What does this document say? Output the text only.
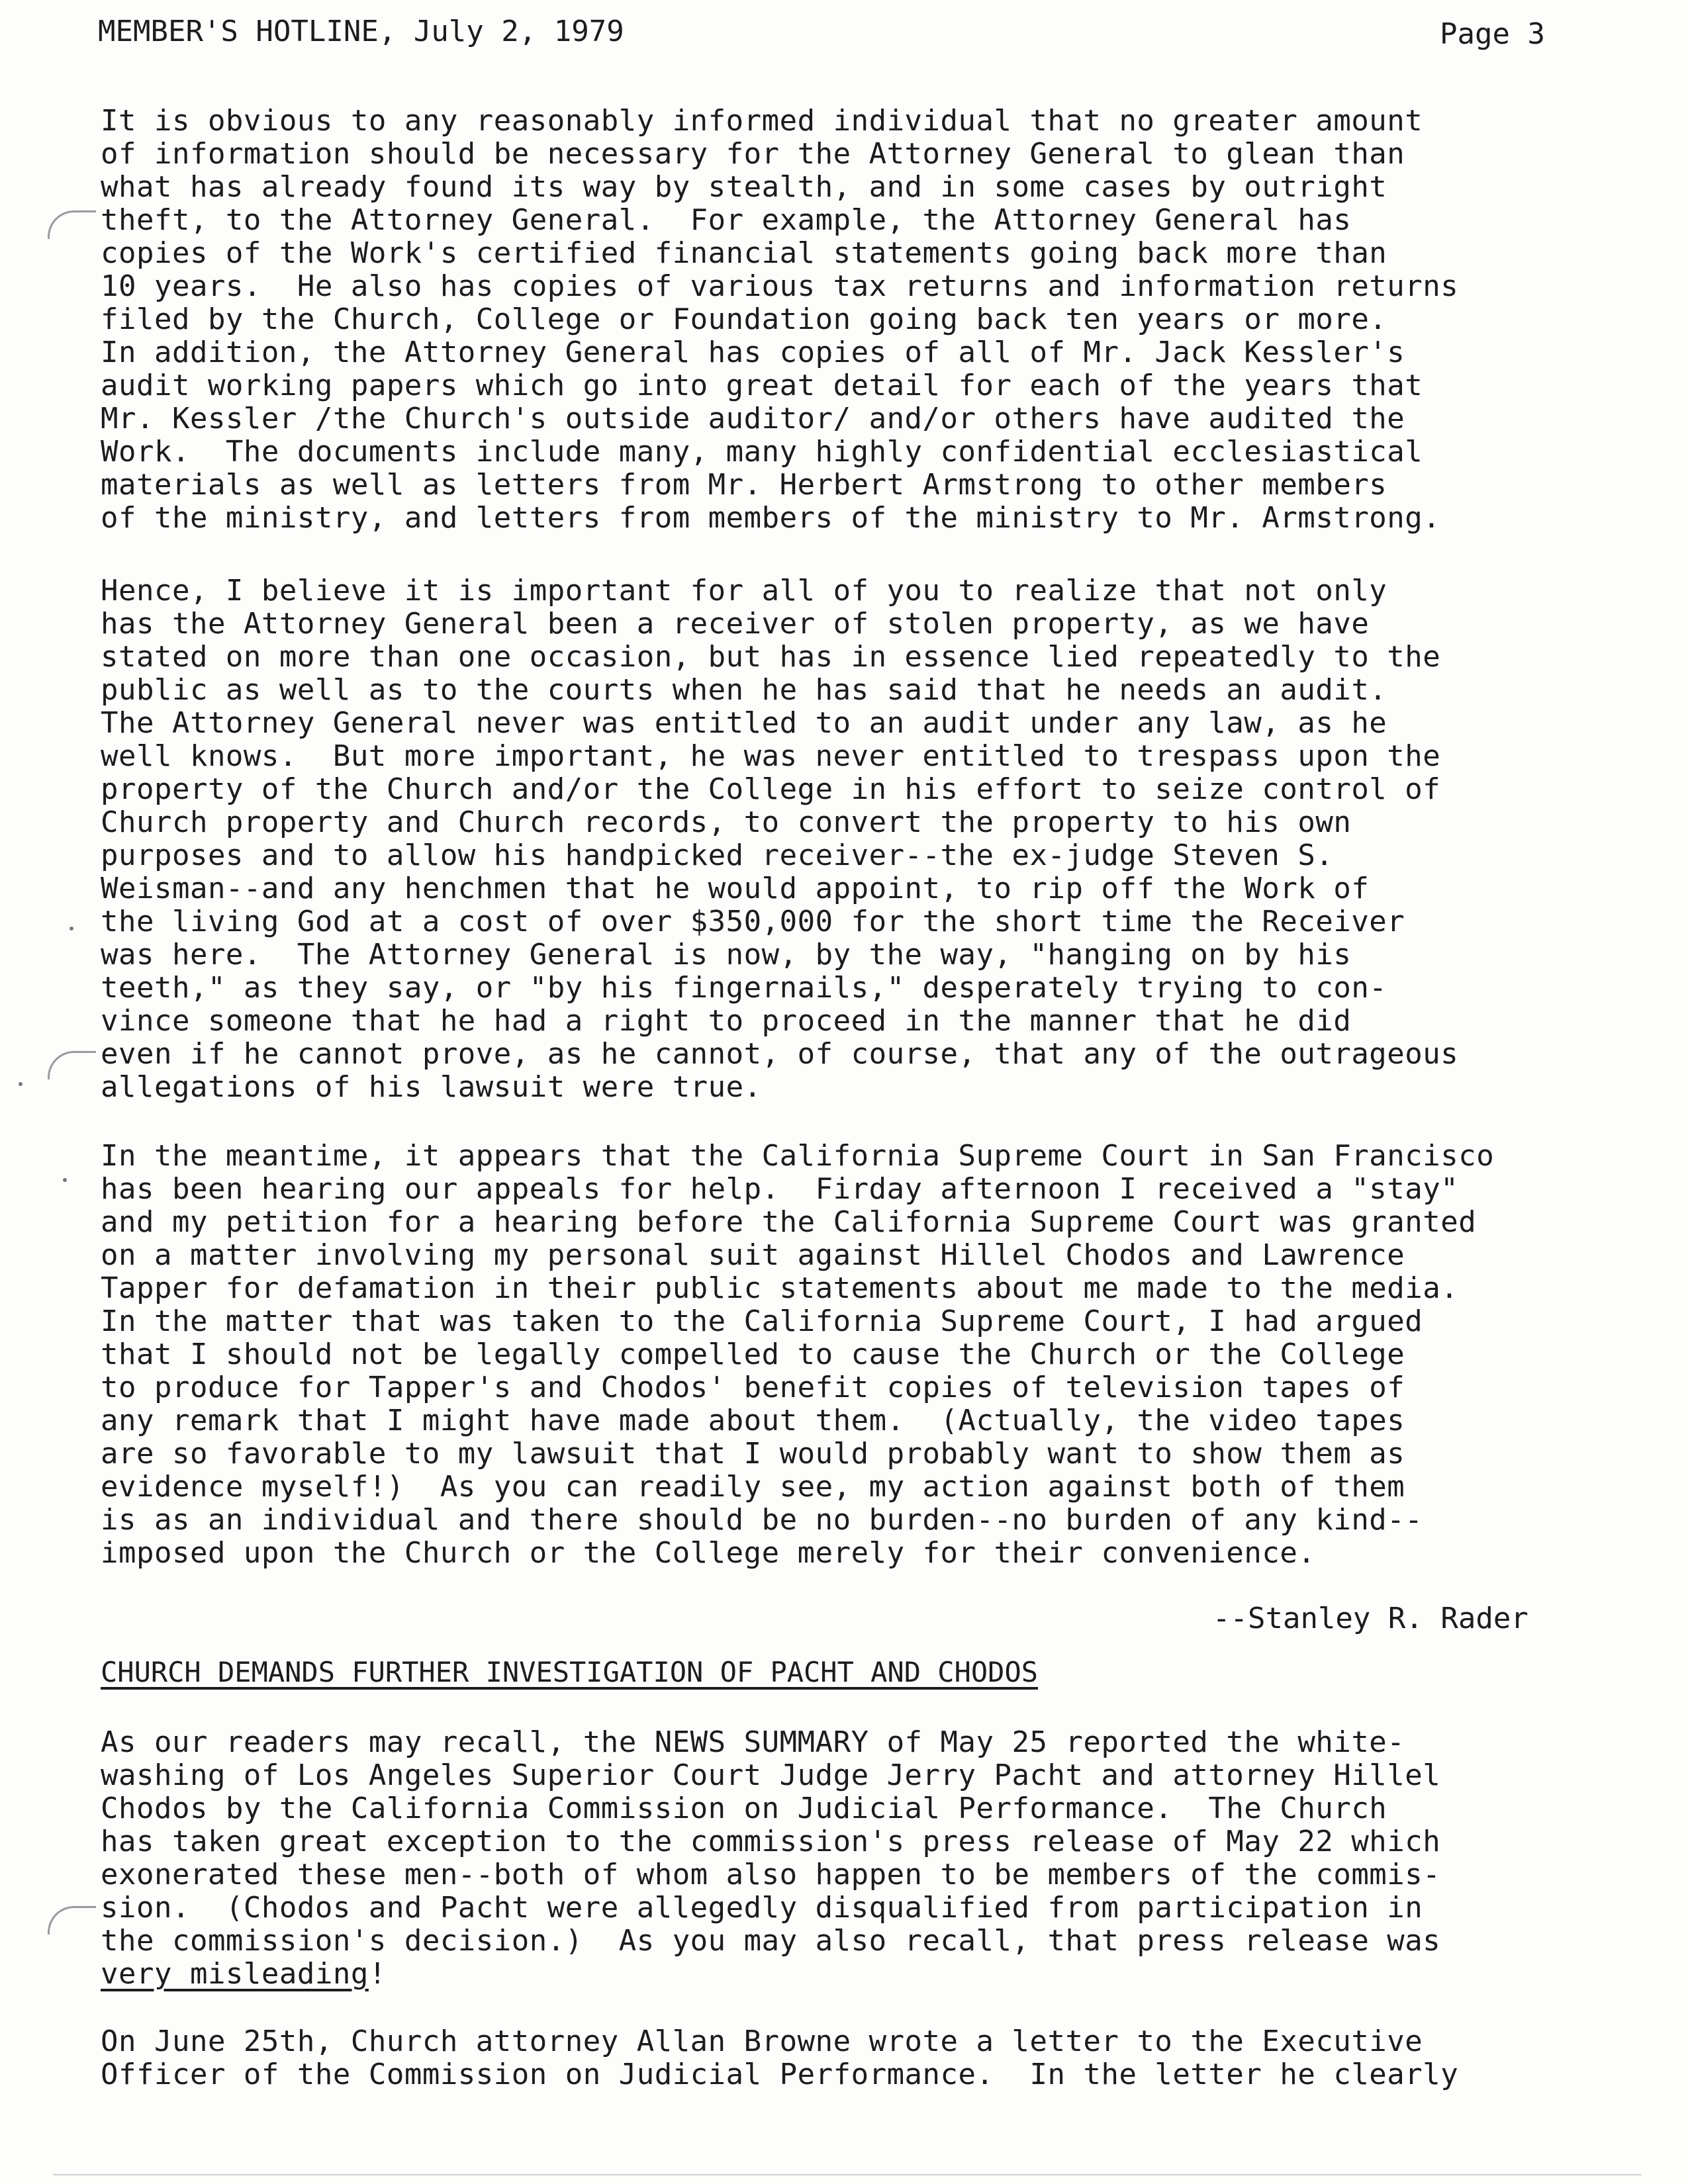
MEMBER'S HOTLINE, July 2, 1979	Page 3
It is obvious to any reasonably informed individual that no greater amount
of information should be necessary for the Attorney General to glean than
what has already found its way by stealth, and in some cases by outright
theft, to the Attorney General.  For example, the Attorney General has
copies of the Work's certified financial statements going back more than
10 years.  He also has copies of various tax returns and information returns
filed by the Church, College or Foundation going back ten years or more.
In addition, the Attorney General has copies of all of Mr. Jack Kessler's
audit working papers which go into great detail for each of the years that
Mr. Kessler /the Church's outside auditor/ and/or others have audited the
Work.  The documents include many, many highly confidential ecclesiastical
materials as well as letters from Mr. Herbert Armstrong to other members
of the ministry, and letters from members of the ministry to Mr. Armstrong.
Hence, I believe it is important for all of you to realize that not only
has the Attorney General been a receiver of stolen property, as we have
stated on more than one occasion, but has in essence lied repeatedly to the
public as well as to the courts when he has said that he needs an audit.
The Attorney General never was entitled to an audit under any law, as he
well knows.  But more important, he was never entitled to trespass upon the
property of the Church and/or the College in his effort to seize control of
Church property and Church records, to convert the property to his own
purposes and to allow his handpicked receiver--the ex-judge Steven S.
Weisman--and any henchmen that he would appoint, to rip off the Work of
the living God at a cost of over $350,000 for the short time the Receiver
was here.  The Attorney General is now, by the way, "hanging on by his
teeth," as they say, or "by his fingernails," desperately trying to con-
vince someone that he had a right to proceed in the manner that he did
even if he cannot prove, as he cannot, of course, that any of the outrageous
allegations of his lawsuit were true.
In the meantime, it appears that the California Supreme Court in San Francisco
has been hearing our appeals for help.  Firday afternoon I received a "stay"
and my petition for a hearing before the California Supreme Court was granted
on a matter involving my personal suit against Hillel Chodos and Lawrence
Tapper for defamation in their public statements about me made to the media.
In the matter that was taken to the California Supreme Court, I had argued
that I should not be legally compelled to cause the Church or the College
to produce for Tapper's and Chodos' benefit copies of television tapes of
any remark that I might have made about them.  (Actually, the video tapes
are so favorable to my lawsuit that I would probably want to show them as
evidence myself!)  As you can readily see, my action against both of them
is as an individual and there should be no burden--no burden of any kind--
imposed upon the Church or the College merely for their convenience.
--Stanley R. Rader
CHURCH DEMANDS FURTHER INVESTIGATION OF PACHT AND CHODOS
As our readers may recall, the NEWS SUMMARY of May 25 reported the white-
washing of Los Angeles Superior Court Judge Jerry Pacht and attorney Hillel
Chodos by the California Commission on Judicial Performance.  The Church
has taken great exception to the commission's press release of May 22 which
exonerated these men--both of whom also happen to be members of the commis-
sion.  (Chodos and Pacht were allegedly disqualified from participation in
the commission's decision.)  As you may also recall, that press release was
very misleading!
On June 25th, Church attorney Allan Browne wrote a letter to the Executive
Officer of the Commission on Judicial Performance.  In the letter he clearly
